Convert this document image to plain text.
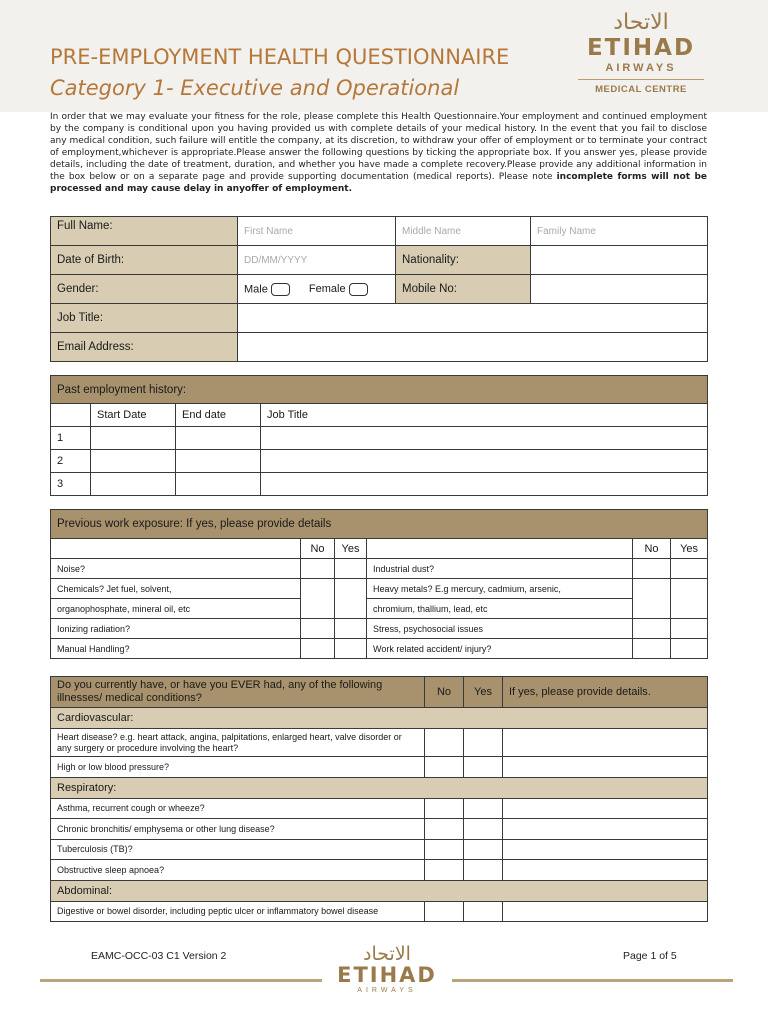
PRE-EMPLOYMENT HEALTH QUESTIONNAIRE
Category 1- Executive and Operational
الاتحاد
ETIHAD
AIRWAYS
MEDICAL CENTRE
In order that we may evaluate your fitness for the role, please complete this Health Questionnaire.Your employment and continued employment by the company is conditional upon you having provided us with complete details of your medical history. In the event that you fail to disclose any medical condition, such failure will entitle the company, at its discretion, to withdraw your offer of employment or to terminate your contract of employment,whichever is appropriate.Please answer the following questions by ticking the appropriate box. If you answer yes, please provide details, including the date of treatment, duration, and whether you have made a complete recovery.Please provide any additional information in the box below or on a separate page and provide supporting documentation (medical reports). Please note incomplete forms will not be processed and may cause delay in anyoffer of employment.
Full Name:	First Name	Middle Name	Family Name
Date of Birth:	DD/MM/YYYY	Nationality:	
Gender:	Male Female	Mobile No:	
Job Title:			
Email Address:			
Past employment history:			
	Start Date	End date	Job Title
1			
2			
3			
Previous work exposure: If yes, please provide details					
	No	Yes		No	Yes
Noise?			Industrial dust?		
Chemicals? Jet fuel, solvent,			Heavy metals? E.g mercury, cadmium, arsenic,		
organophosphate, mineral oil, etc			chromium, thallium, lead, etc		
Ionizing radiation?			Stress, psychosocial issues		
Manual Handling?			Work related accident/ injury?		
Do you currently have, or have you EVER had, any of the following illnesses/ medical conditions?	No	Yes	If yes, please provide details.
Cardiovascular:			
Heart disease? e.g. heart attack, angina, palpitations, enlarged heart, valve disorder or any surgery or procedure involving the heart?			
High or low blood pressure?			
Respiratory:			
Asthma, recurrent cough or wheeze?			
Chronic bronchitis/ emphysema or other lung disease?			
Tuberculosis (TB)?			
Obstructive sleep apnoea?			
Abdominal:			
Digestive or bowel disorder, including peptic ulcer or inflammatory bowel disease			
EAMC-OCC-03 C1 Version 2	الاتحاد
ETIHAD
AIRWAYS
Page 1 of 5
